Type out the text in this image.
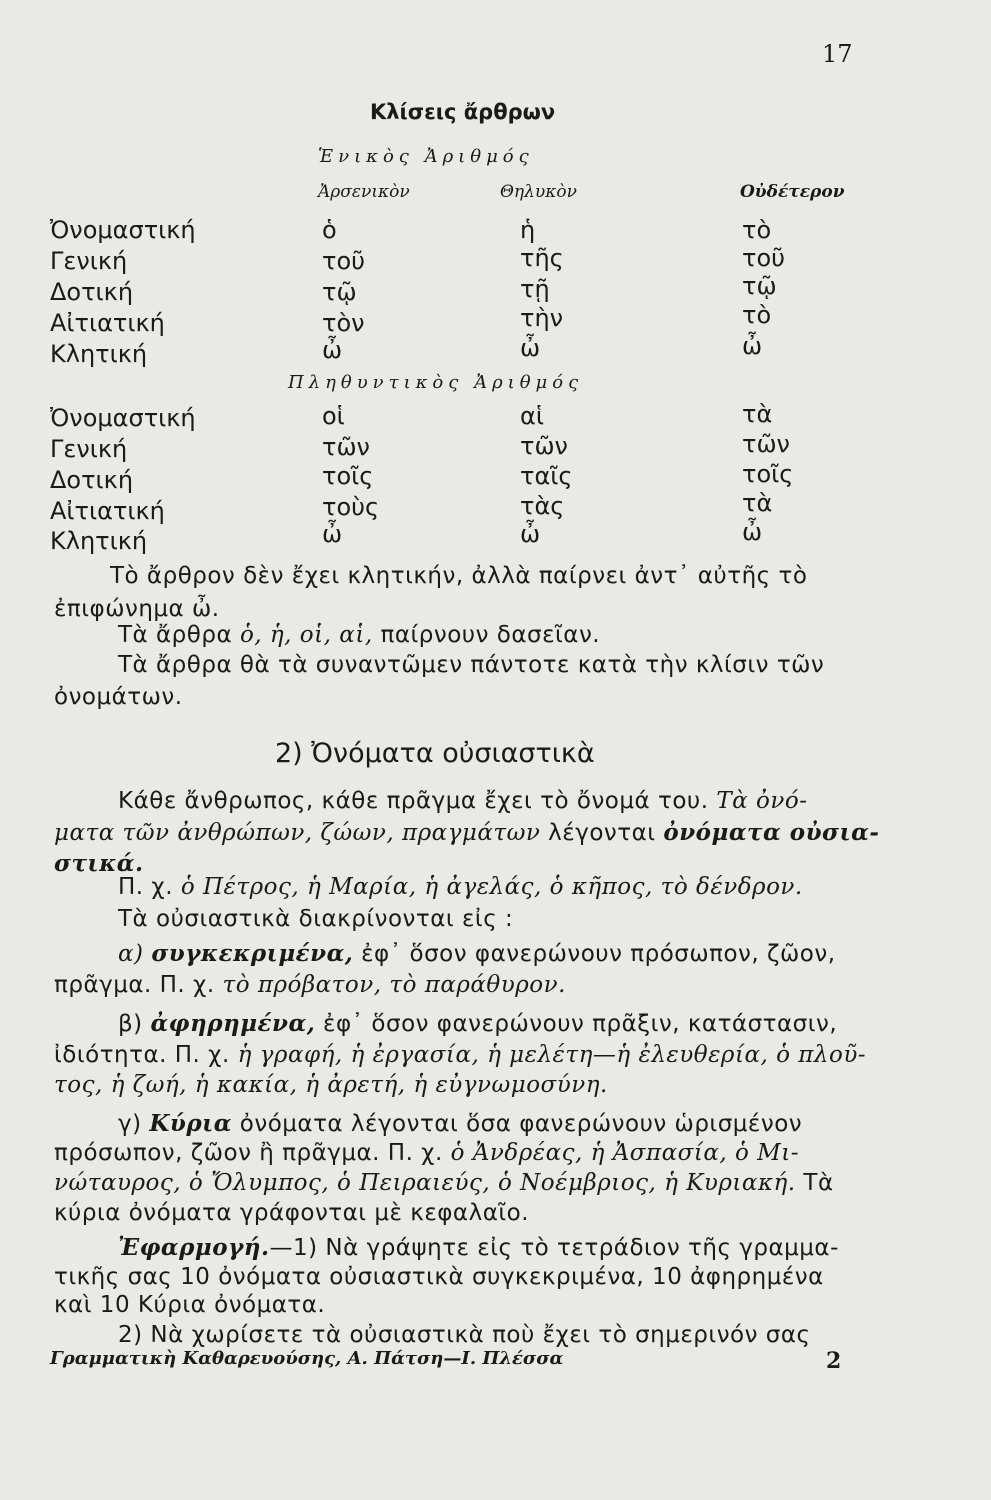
17
Κλίσεις ἄρθρων
Ἑνικὸς Ἀριθμός
Ἀρσενικὸν	Θηλυκὸν	Οὐδέτερον
Ὀνομαστική	ὁ	ἡ	τὸ
Γενική	τοῦ	τῆς	τοῦ
Δοτική	τῷ	τῇ	τῷ
Αἰτιατική	τὸν	τὴν	τὸ
Κλητική	ὦ	ὦ	ὦ
Πληθυντικὸς Ἀριθμός
Ὀνομαστική	οἱ	αἱ	τὰ
Γενική	τῶν	τῶν	τῶν
Δοτική	τοῖς	ταῖς	τοῖς
Αἰτιατική	τοὺς	τὰς	τὰ
Κλητική	ὦ	ὦ	ὦ
Τὸ ἄρθρον δὲν ἔχει κλητικήν, ἀλλὰ παίρνει ἀντ᾿ αὐτῆς τὸ
ἐπιφώνημα ὦ.
Τὰ ἄρθρα ὁ, ἡ, οἱ, αἱ, παίρνουν δασεῖαν.
Τὰ ἄρθρα θὰ τὰ συναντῶμεν πάντοτε κατὰ τὴν κλίσιν τῶν
ὀνομάτων.
2) Ὀνόματα οὐσιαστικὰ
Κάθε ἄνθρωπος, κάθε πρᾶγμα ἔχει τὸ ὄνομά του. Τὰ ὀνό-
ματα τῶν ἀνθρώπων, ζώων, πραγμάτων λέγονται ὀνόματα οὐσια-
στικά.
Π. χ. ὁ Πέτρος, ἡ Μαρία, ἡ ἀγελάς, ὁ κῆπος, τὸ δένδρον.
Τὰ οὐσιαστικὰ διακρίνονται εἰς :
α) συγκεκριμένα, ἐφ᾿ ὅσον φανερώνουν πρόσωπον, ζῶον,
πρᾶγμα. Π. χ. τὸ πρόβατον, τὸ παράθυρον.
β) ἀφηρημένα, ἐφ᾿ ὅσον φανερώνουν πρᾶξιν, κατάστασιν,
ἰδιότητα. Π. χ. ἡ γραφή, ἡ ἐργασία, ἡ μελέτη—ἡ ἐλευθερία, ὁ πλοῦ-
τος, ἡ ζωή, ἡ κακία, ἡ ἀρετή, ἡ εὐγνωμοσύνη.
γ) Κύρια ὀνόματα λέγονται ὅσα φανερώνουν ὡρισμένον
πρόσωπον, ζῶον ἢ πρᾶγμα. Π. χ. ὁ Ἀνδρέας, ἡ Ἀσπασία, ὁ Μι-
νώταυρος, ὁ Ὄλυμπος, ὁ Πειραιεύς, ὁ Νοέμβριος, ἡ Κυριακή. Τὰ
κύρια ὀνόματα γράφονται μὲ κεφαλαῖο.
Ἐφαρμογή.—1) Νὰ γράψητε εἰς τὸ τετράδιον τῆς γραμμα-
τικῆς σας 10 ὀνόματα οὐσιαστικὰ συγκεκριμένα, 10 ἀφηρημένα
καὶ 10 Κύρια ὀνόματα.
2) Νὰ χωρίσετε τὰ οὐσιαστικὰ ποὺ ἔχει τὸ σημερινόν σας
Γραμματικὴ Καθαρευούσης, Α. Πάτση—Ι. Πλέσσα	2
